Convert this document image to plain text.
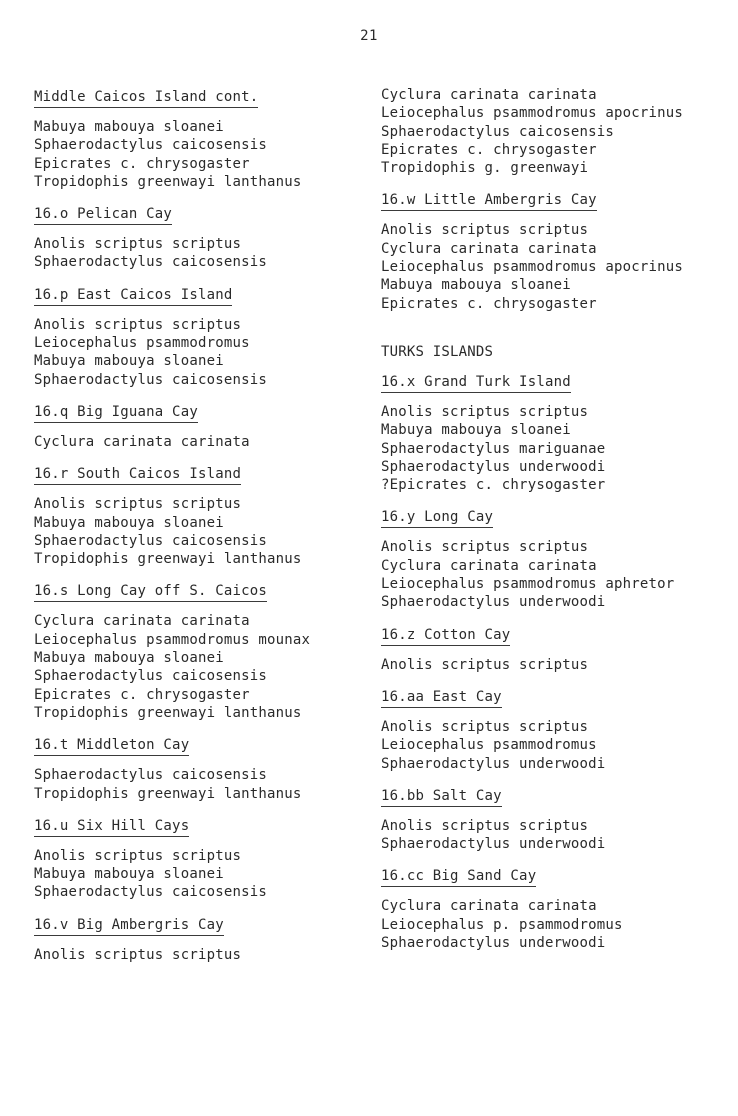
21
Middle Caicos Island cont.
Mabuya mabouya sloanei
Sphaerodactylus caicosensis
Epicrates c. chrysogaster
Tropidophis greenwayi lanthanus
16.o Pelican Cay
Anolis scriptus scriptus
Sphaerodactylus caicosensis
16.p East Caicos Island
Anolis scriptus scriptus
Leiocephalus psammodromus
Mabuya mabouya sloanei
Sphaerodactylus caicosensis
16.q Big Iguana Cay
Cyclura carinata carinata
16.r South Caicos Island
Anolis scriptus scriptus
Mabuya mabouya sloanei
Sphaerodactylus caicosensis
Tropidophis greenwayi lanthanus
16.s Long Cay off S. Caicos
Cyclura carinata carinata
Leiocephalus psammodromus mounax
Mabuya mabouya sloanei
Sphaerodactylus caicosensis
Epicrates c. chrysogaster
Tropidophis greenwayi lanthanus
16.t Middleton Cay
Sphaerodactylus caicosensis
Tropidophis greenwayi lanthanus
16.u Six Hill Cays
Anolis scriptus scriptus
Mabuya mabouya sloanei
Sphaerodactylus caicosensis
16.v Big Ambergris Cay
Anolis scriptus scriptus
Cyclura carinata carinata
Leiocephalus psammodromus apocrinus
Sphaerodactylus caicosensis
Epicrates c. chrysogaster
Tropidophis g. greenwayi
16.w Little Ambergris Cay
Anolis scriptus scriptus
Cyclura carinata carinata
Leiocephalus psammodromus apocrinus
Mabuya mabouya sloanei
Epicrates c. chrysogaster
TURKS ISLANDS
16.x Grand Turk Island
Anolis scriptus scriptus
Mabuya mabouya sloanei
Sphaerodactylus mariguanae
Sphaerodactylus underwoodi
?Epicrates c. chrysogaster
16.y Long Cay
Anolis scriptus scriptus
Cyclura carinata carinata
Leiocephalus psammodromus aphretor
Sphaerodactylus underwoodi
16.z Cotton Cay
Anolis scriptus scriptus
16.aa East Cay
Anolis scriptus scriptus
Leiocephalus psammodromus
Sphaerodactylus underwoodi
16.bb Salt Cay
Anolis scriptus scriptus
Sphaerodactylus underwoodi
16.cc Big Sand Cay
Cyclura carinata carinata
Leiocephalus p. psammodromus
Sphaerodactylus underwoodi
